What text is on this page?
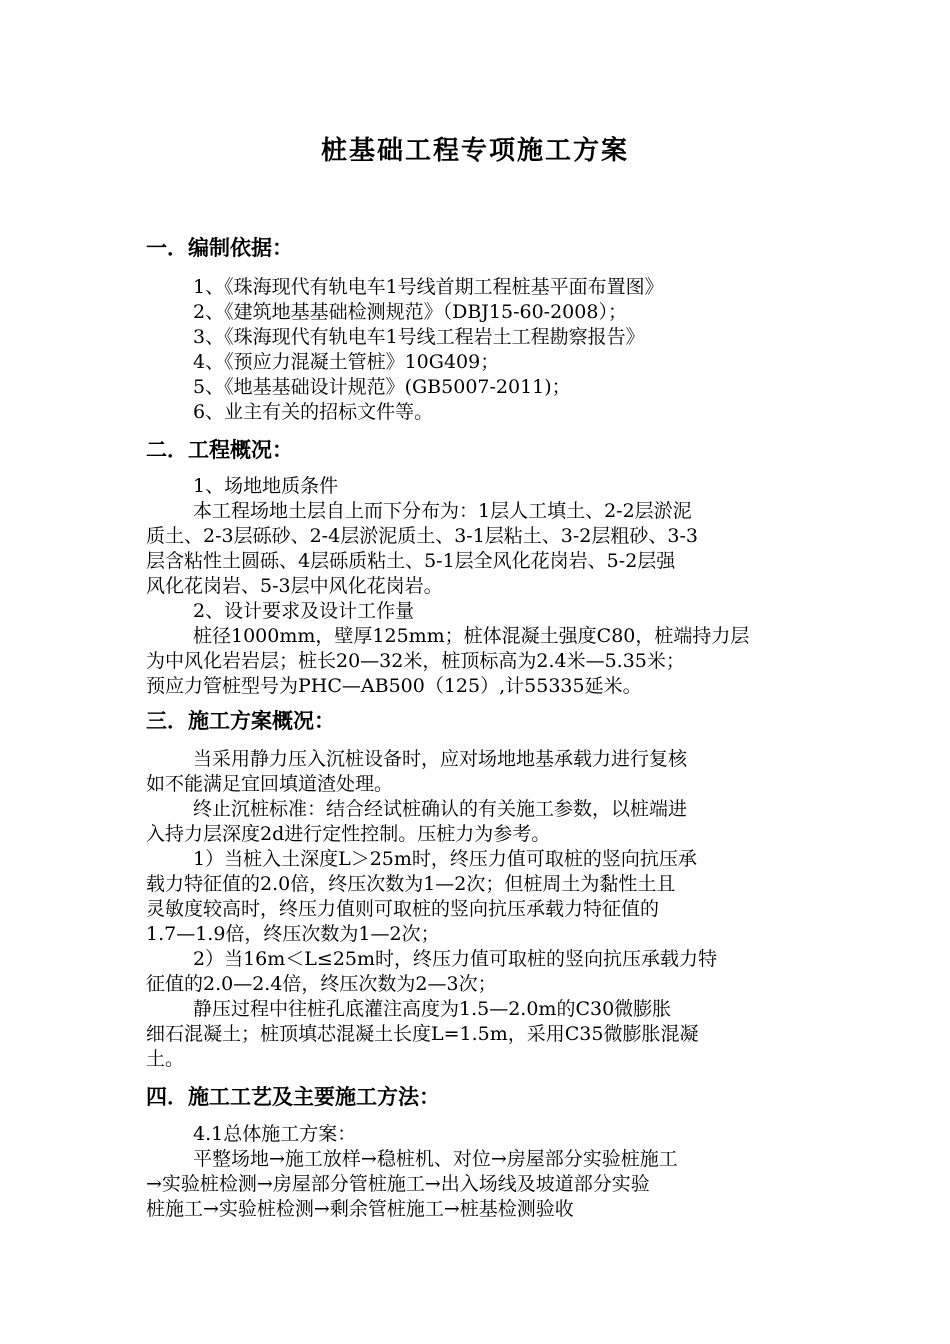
桩基础工程专项施工方案
一．编制依据：
1、《珠海现代有轨电车1号线首期工程桩基平面布置图》
2、《建筑地基基础检测规范》（DBJ15-60-2008）；
3、《珠海现代有轨电车1号线工程岩土工程勘察报告》
4、《预应力混凝土管桩》10G409；
5、《地基基础设计规范》(GB5007-2011)；
6、业主有关的招标文件等。
二．工程概况：
1、场地地质条件
本工程场地土层自上而下分布为：1层人工填土、2-2层淤泥
质土、2-3层砾砂、2-4层淤泥质土、3-1层粘土、3-2层粗砂、3-3
层含粘性土圆砾、4层砾质粘土、5-1层全风化花岗岩、5-2层强
风化花岗岩、5-3层中风化花岗岩。
2、设计要求及设计工作量
桩径1000mm，壁厚125mm；桩体混凝土强度C80，桩端持力层
为中风化岩岩层；桩长20—32米，桩顶标高为2.4米—5.35米；
预应力管桩型号为PHC—AB500（125）,计55335延米。
三．施工方案概况：
当采用静力压入沉桩设备时，应对场地地基承载力进行复核
如不能满足宜回填道渣处理。
终止沉桩标准：结合经试桩确认的有关施工参数，以桩端进
入持力层深度2d进行定性控制。压桩力为参考。
1）当桩入土深度L＞25m时，终压力值可取桩的竖向抗压承
载力特征值的2.0倍，终压次数为1—2次；但桩周土为黏性土且
灵敏度较高时，终压力值则可取桩的竖向抗压承载力特征值的
1.7—1.9倍，终压次数为1—2次；
2）当16m＜L≤25m时，终压力值可取桩的竖向抗压承载力特
征值的2.0—2.4倍，终压次数为2—3次；
静压过程中往桩孔底灌注高度为1.5—2.0m的C30微膨胀
细石混凝土；桩顶填芯混凝土长度L=1.5m，采用C35微膨胀混凝
土。
四．施工工艺及主要施工方法：
4.1总体施工方案：
平整场地→施工放样→稳桩机、对位→房屋部分实验桩施工
→实验桩检测→房屋部分管桩施工→出入场线及坡道部分实验
桩施工→实验桩检测→剩余管桩施工→桩基检测验收
